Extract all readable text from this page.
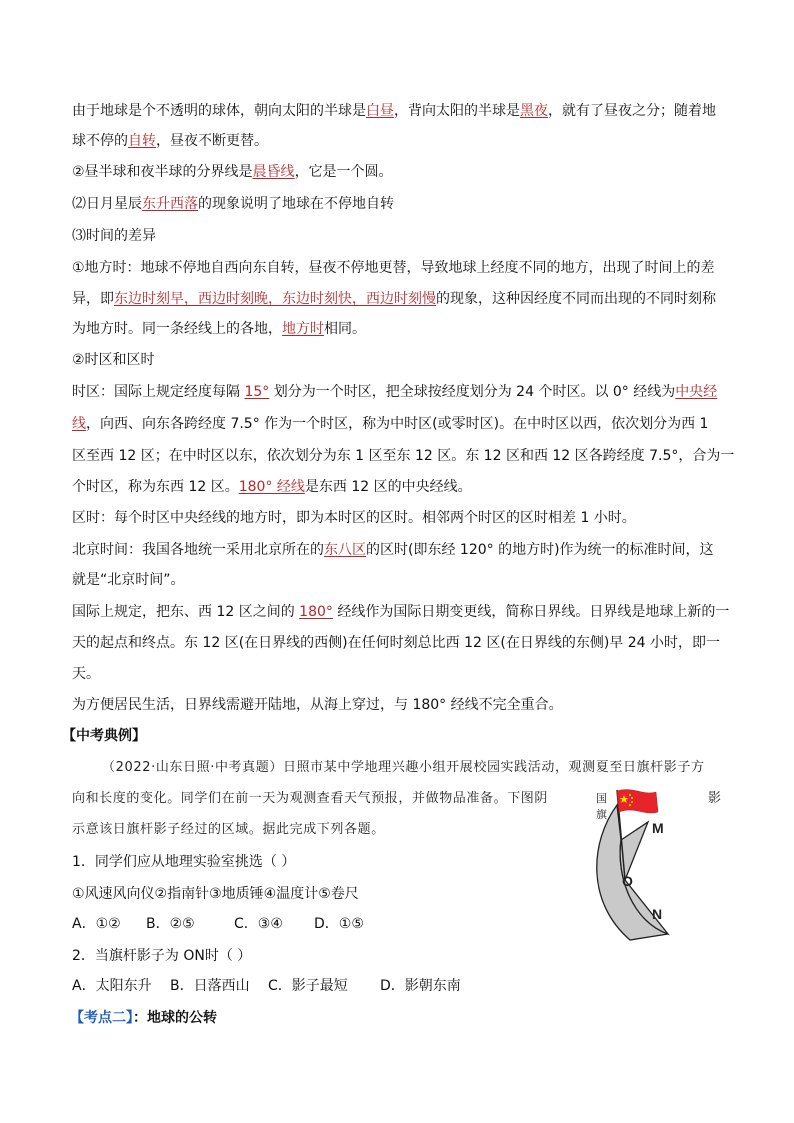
由于地球是个不透明的球体，朝向太阳的半球是白昼，背向太阳的半球是黑夜，就有了昼夜之分；随着地
球不停的自转，昼夜不断更替。
②昼半球和夜半球的分界线是晨昏线，它是一个圆。
⑵日月星辰东升西落的现象说明了地球在不停地自转
⑶时间的差异
①地方时：地球不停地自西向东自转，昼夜不停地更替，导致地球上经度不同的地方，出现了时间上的差
异，即东边时刻早，西边时刻晚，东边时刻快，西边时刻慢的现象，这种因经度不同而出现的不同时刻称
为地方时。同一条经线上的各地，地方时相同。
②时区和区时
时区：国际上规定经度每隔 15° 划分为一个时区，把全球按经度划分为 24 个时区。以 0° 经线为中央经
线，向西、向东各跨经度 7.5° 作为一个时区，称为中时区(或零时区)。在中时区以西，依次划分为西 1
区至西 12 区；在中时区以东，依次划分为东 1 区至东 12 区。东 12 区和西 12 区各跨经度 7.5°，合为一
个时区，称为东西 12 区。180° 经线是东西 12 区的中央经线。
区时：每个时区中央经线的地方时，即为本时区的区时。相邻两个时区的区时相差 1 小时。
北京时间：我国各地统一采用北京所在的东八区的区时(即东经 120° 的地方时)作为统一的标准时间，这
就是“北京时间”。
国际上规定，把东、西 12 区之间的 180° 经线作为国际日期变更线，简称日界线。日界线是地球上新的一
天的起点和终点。东 12 区(在日界线的西侧)在任何时刻总比西 12 区(在日界线的东侧)早 24 小时，即一
天。
为方便居民生活，日界线需避开陆地，从海上穿过，与 180° 经线不完全重合。
【中考典例】
（2022·山东日照·中考真题）日照市某中学地理兴趣小组开展校园实践活动，观测夏至日旗杆影子方
向和长度的变化。同学们在前一天为观测查看天气预报，并做物品准备。下图阴	影
示意该日旗杆影子经过的区域。据此完成下列各题。
1．同学们应从地理实验室挑选（ ）
①风速风向仪②指南针③地质锤④温度计⑤卷尺
A．①② B．②⑤	C．③④ D．①⑤
2．当旗杆影子为 ON时（ ）
A．太阳东升 B．日落西山 C．影子最短 D．影朝东南
【考点二】：地球的公转
国
旗
M
O
N
